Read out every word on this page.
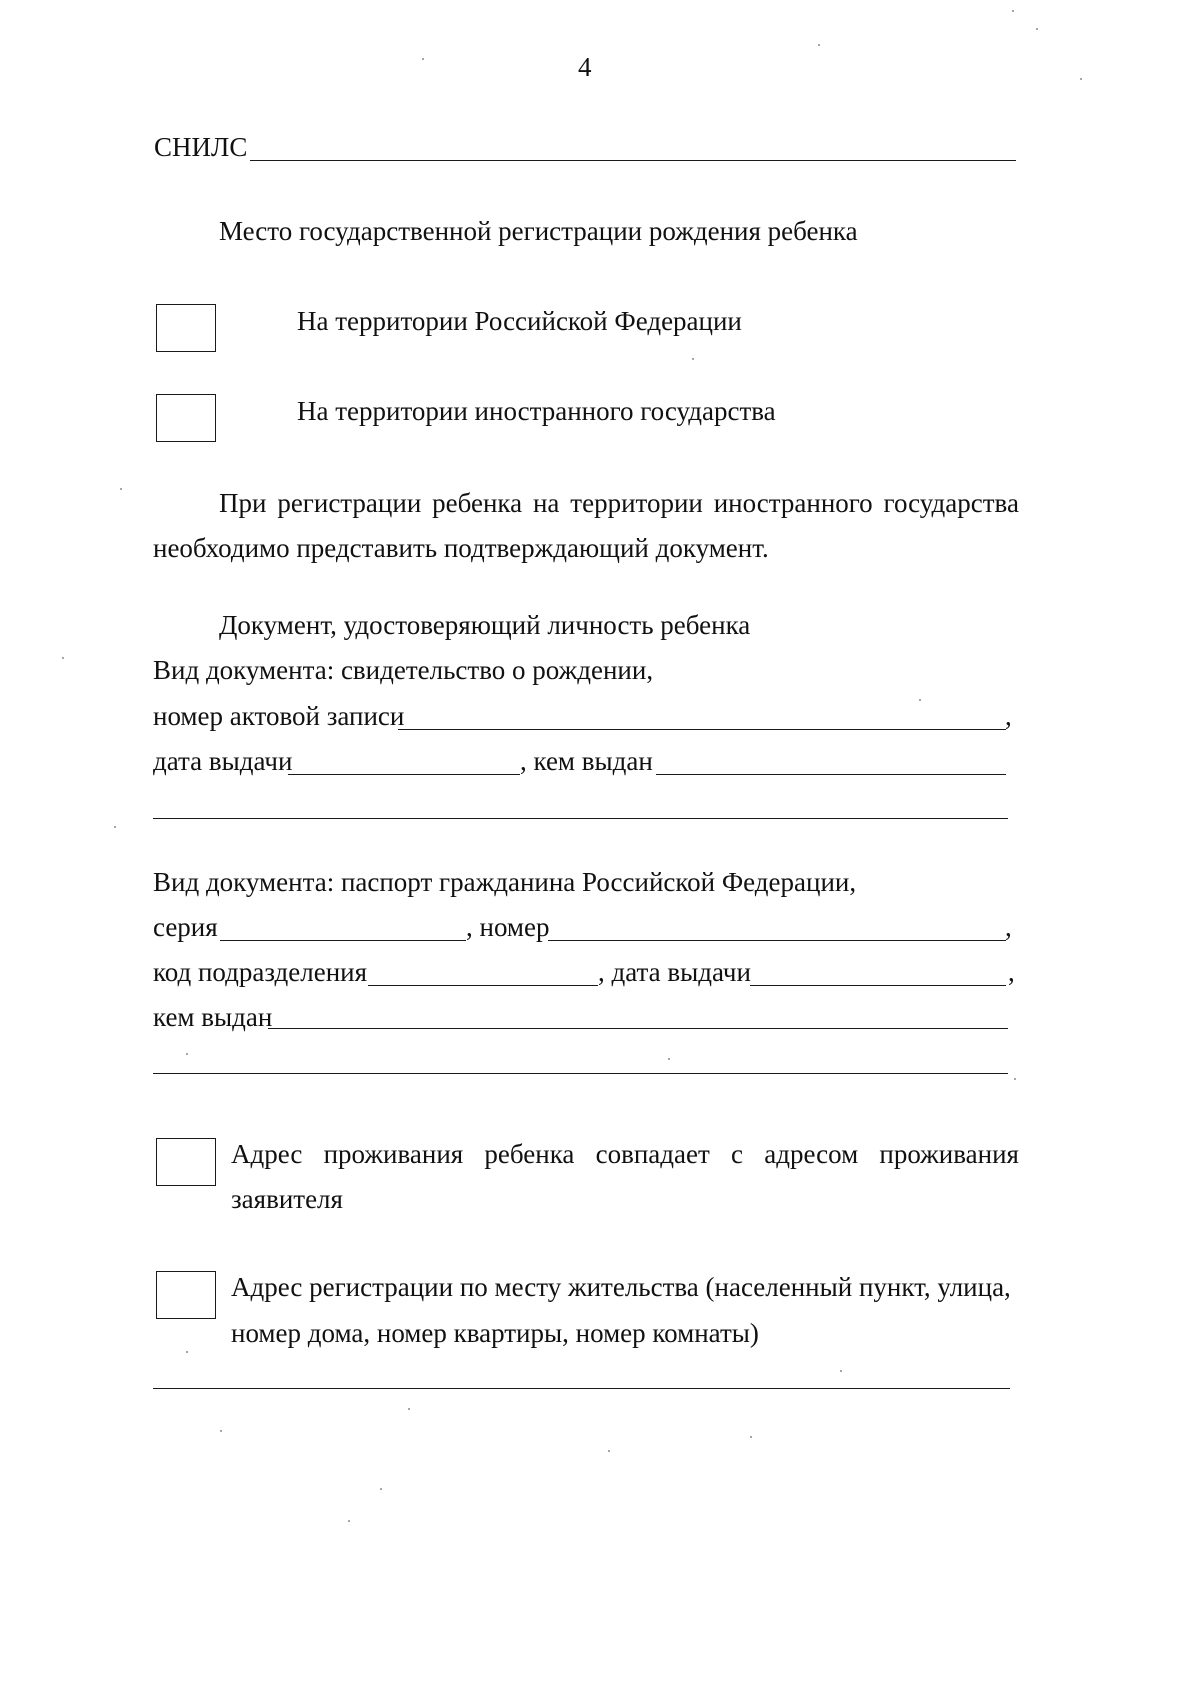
4
СНИЛС
Место государственной регистрации рождения ребенка
На территории Российской Федерации
На территории иностранного государства
При регистрации ребенка на территории иностранного государства
необходимо представить подтверждающий документ.
Документ, удостоверяющий личность ребенка
Вид документа: свидетельство о рождении,
номер актовой записи	,
дата выдачи	, кем выдан
Вид документа: паспорт гражданина Российской Федерации,
серия	, номер	,
код подразделения	, дата выдачи	,
кем выдан
Адрес проживания ребенка совпадает с адресом проживания
заявителя
Адрес регистрации по месту жительства (населенный пункт, улица,
номер дома, номер квартиры, номер комнаты)
